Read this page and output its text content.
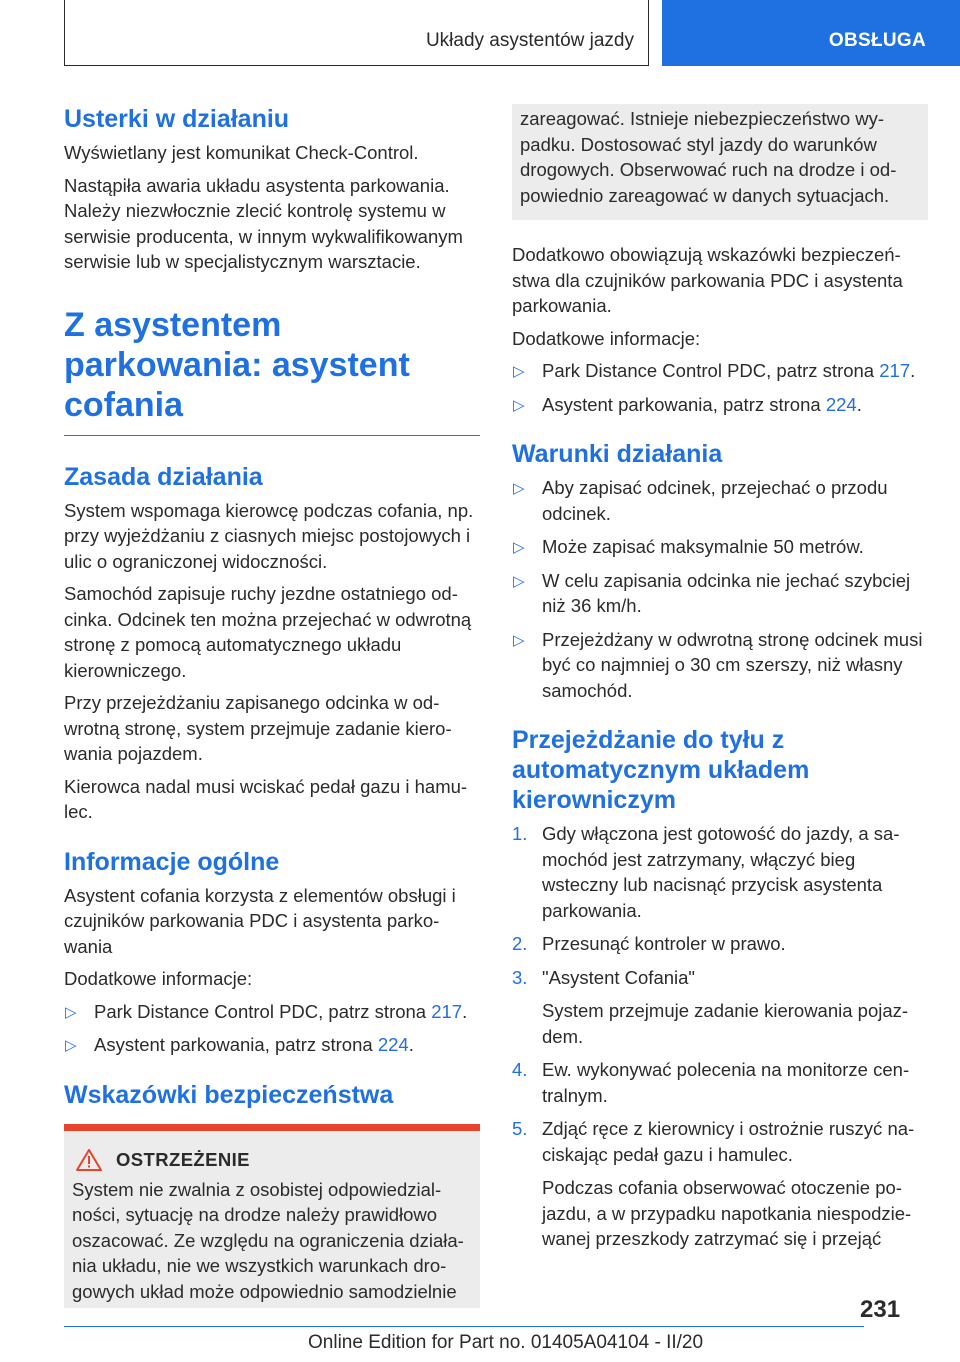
Układy asystentów jazdy	OBSŁUGA
Usterki w działaniu

Wyświetlany jest komunikat Check-Control.

Nastąpiła awaria układu asystenta parkowania. Należy niezwłocznie zlecić kontrolę systemu w serwisie producenta, w innym wykwalifikowanym serwisie lub w specjalistycznym warsztacie.

Z asystentem parkowania: asystent cofania
Zasada działania

System wspomaga kierowcę podczas cofania, np. przy wyjeżdżaniu z ciasnych miejsc postojowych i ulic o ograniczonej widoczności.

Samochód zapisuje ruchy jezdne ostatniego odcinka. Odcinek ten można przejechać w odwrotną stronę z pomocą automatycznego układu kierowniczego.

Przy przejeżdżaniu zapisanego odcinka w odwrotną stronę, system przejmuje zadanie kierowania pojazdem.

Kierowca nadal musi wciskać pedał gazu i hamulec.

Informacje ogólne

Asystent cofania korzysta z elementów obsługi i czujników parkowania PDC i asystenta parkowania

Dodatkowe informacje:

▷ Park Distance Control PDC, patrz strona 217.
▷ Asystent parkowania, patrz strona 224.
Wskazówki bezpieczeństwa
OSTRZEŻENIE

System nie zwalnia z osobistej odpowiedzialności, sytuację na drodze należy prawidłowo oszacować. Ze względu na ograniczenia działania układu, nie we wszystkich warunkach drogowych układ może odpowiednio samodzielnie

zareagować. Istnieje niebezpieczeństwo wypadku. Dostosować styl jazdy do warunków drogowych. Obserwować ruch na drodze i odpowiednio zareagować w danych sytuacjach.

Dodatkowo obowiązują wskazówki bezpieczeństwa dla czujników parkowania PDC i asystenta parkowania.

Dodatkowe informacje:

▷ Park Distance Control PDC, patrz strona 217.
▷ Asystent parkowania, patrz strona 224.
Warunki działania
▷ Aby zapisać odcinek, przejechać o przodu odcinek.
▷ Może zapisać maksymalnie 50 metrów.
▷ W celu zapisania odcinka nie jechać szybciej niż 36 km/h.
▷ Przejeżdżany w odwrotną stronę odcinek musi być co najmniej o 30 cm szerszy, niż własny samochód.
Przejeżdżanie do tyłu z automatycznym układem kierowniczym
1. Gdy włączona jest gotowość do jazdy, a samochód jest zatrzymany, włączyć bieg wsteczny lub nacisnąć przycisk asystenta parkowania.
2. Przesunąć kontroler w prawo.
3. "Asystent Cofania"
System przejmuje zadanie kierowania pojazdem.
4. Ew. wykonywać polecenia na monitorze centralnym.
5. Zdjąć ręce z kierownicy i ostrożnie ruszyć naciskając pedał gazu i hamulec.
Podczas cofania obserwować otoczenie pojazdu, a w przypadku napotkania niespodziewanej przeszkody zatrzymać się i przejąć
231
Online Edition for Part no. 01405A04104 - II/20
